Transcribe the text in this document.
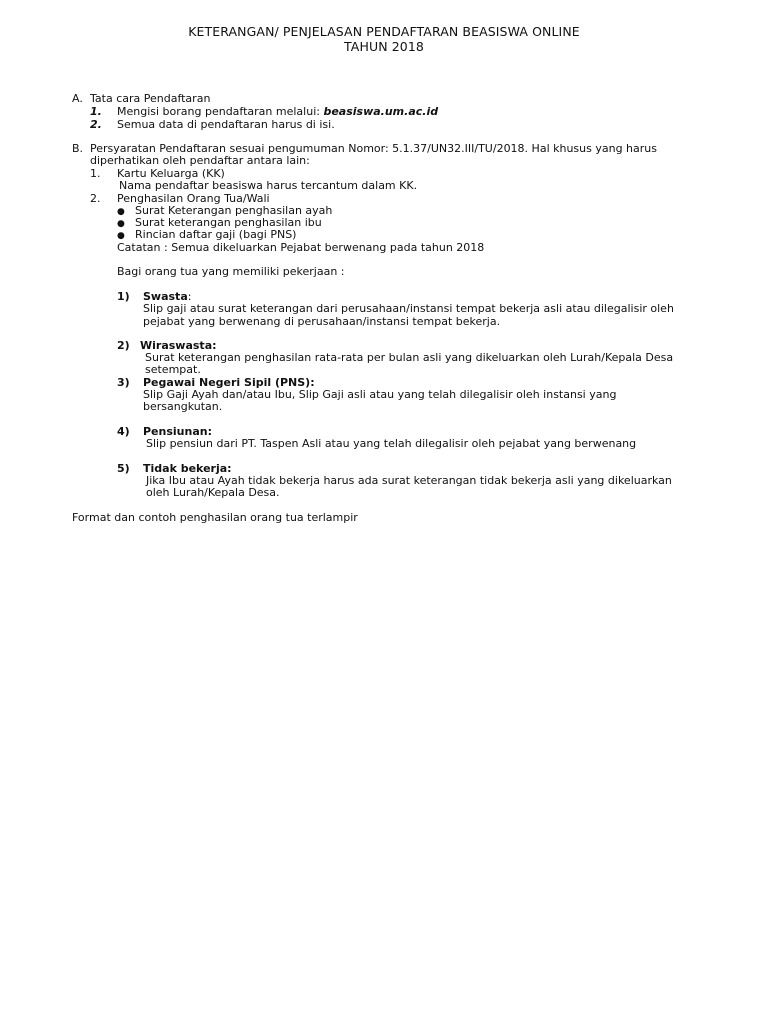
KETERANGAN/ PENJELASAN PENDAFTARAN BEASISWA ONLINE
TAHUN 2018
A. Tata cara Pendaftaran
1. Mengisi borang pendaftaran melalui: beasiswa.um.ac.id
2. Semua data di pendaftaran harus di isi.
B. Persyaratan Pendaftaran sesuai pengumuman Nomor: 5.1.37/UN32.III/TU/2018. Hal khusus yang harus
diperhatikan oleh pendaftar antara lain:
1. Kartu Keluarga (KK)
Nama pendaftar beasiswa harus tercantum dalam KK.
2. Penghasilan Orang Tua/Wali
● Surat Keterangan penghasilan ayah
● Surat keterangan penghasilan ibu
● Rincian daftar gaji (bagi PNS)
Catatan : Semua dikeluarkan Pejabat berwenang pada tahun 2018
Bagi orang tua yang memiliki pekerjaan :
1) Swasta:
Slip gaji atau surat keterangan dari perusahaan/instansi tempat bekerja asli atau dilegalisir oleh
pejabat yang berwenang di perusahaan/instansi tempat bekerja.
2) Wiraswasta:
Surat keterangan penghasilan rata-rata per bulan asli yang dikeluarkan oleh Lurah/Kepala Desa
setempat.
3) Pegawai Negeri Sipil (PNS):
Slip Gaji Ayah dan/atau Ibu, Slip Gaji asli atau yang telah dilegalisir oleh instansi yang
bersangkutan.
4) Pensiunan:
Slip pensiun dari PT. Taspen Asli atau yang telah dilegalisir oleh pejabat yang berwenang
5) Tidak bekerja:
Jika Ibu atau Ayah tidak bekerja harus ada surat keterangan tidak bekerja asli yang dikeluarkan
oleh Lurah/Kepala Desa.
Format dan contoh penghasilan orang tua terlampir
